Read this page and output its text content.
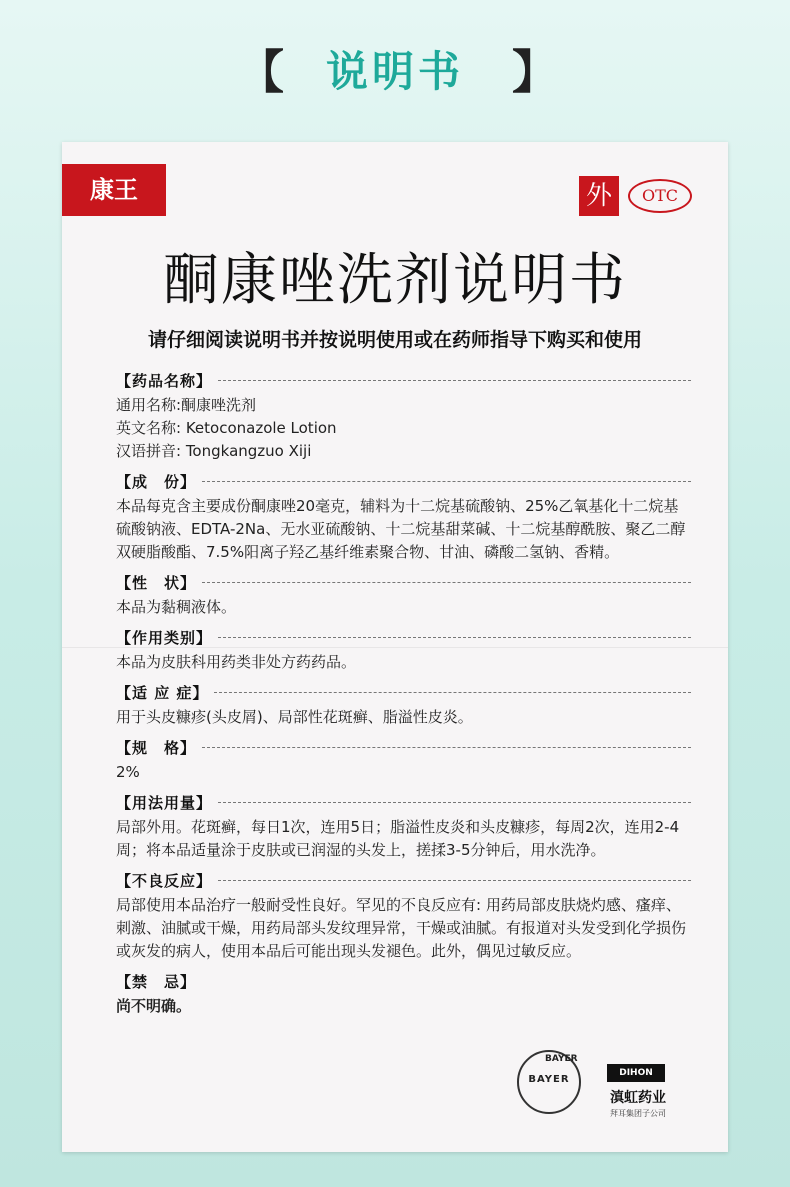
【 说明书	】
康王	外	OTC
酮康唑洗剂说明书
请仔细阅读说明书并按说明使用或在药师指导下购买和使用
【药品名称】
通用名称:酮康唑洗剂
英文名称: Ketoconazole Lotion
汉语拼音: Tongkangzuo Xiji
【成　份】
本品每克含主要成份酮康唑20毫克，辅料为十二烷基硫酸钠、25%乙氧基化十二烷基硫酸钠液、EDTA-2Na、无水亚硫酸钠、十二烷基甜菜碱、十二烷基醇酰胺、聚乙二醇双硬脂酸酯、7.5%阳离子羟乙基纤维素聚合物、甘油、磷酸二氢钠、香精。
【性　状】
本品为黏稠液体。
【作用类别】
本品为皮肤科用药类非处方药药品。
【适 应 症】
用于头皮糠疹(头皮屑)、局部性花斑癣、脂溢性皮炎。
【规　格】
2%
【用法用量】
局部外用。花斑癣，每日1次，连用5日；脂溢性皮炎和头皮糠疹，每周2次，连用2-4 周；将本品适量涂于皮肤或已润湿的头发上，搓揉3-5分钟后，用水洗净。
【不良反应】
局部使用本品治疗一般耐受性良好。罕见的不良反应有: 用药局部皮肤烧灼感、瘙痒、刺激、油腻或干燥，用药局部头发纹理异常，干燥或油腻。有报道对头发受到化学损伤或灰发的病人，使用本品后可能出现头发褪色。此外，偶见过敏反应。
【禁　忌】
尚不明确。
BAYER
BAYER
DIHON
滇虹药业
拜耳集团子公司
